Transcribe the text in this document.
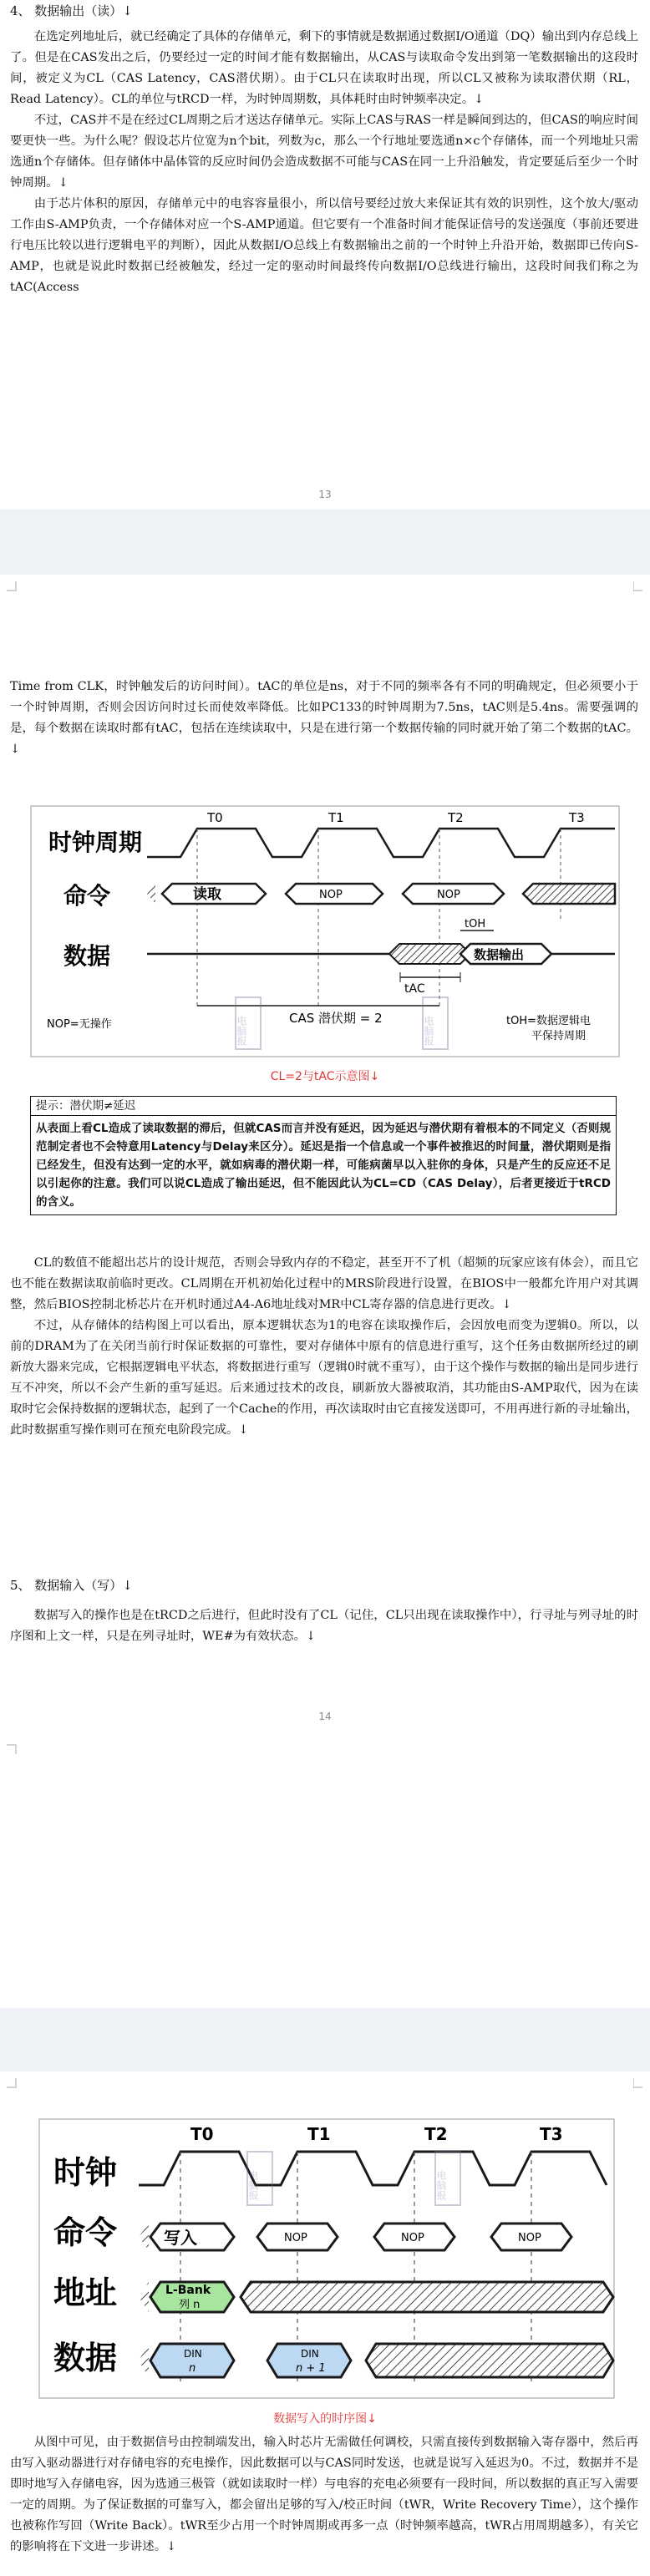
4、 数据输出（读）↓

在选定列地址后，就已经确定了具体的存储单元，剩下的事情就是数据通过数据I/O通道（DQ）输出到内存总线上了。但是在CAS发出之后，仍要经过一定的时间才能有数据输出，从CAS与读取命令发出到第一笔数据输出的这段时间，被定义为CL（CAS Latency，CAS潜伏期）。由于CL只在读取时出现，所以CL又被称为读取潜伏期（RL，Read Latency）。CL的单位与tRCD一样，为时钟周期数，具体耗时由时钟频率决定。↓

不过，CAS并不是在经过CL周期之后才送达存储单元。实际上CAS与RAS一样是瞬间到达的，但CAS的响应时间要更快一些。为什么呢？假设芯片位宽为n个bit，列数为c，那么一个行地址要选通n×c个存储体，而一个列地址只需选通n个存储体。但存储体中晶体管的反应时间仍会造成数据不可能与CAS在同一上升沿触发，肯定要延后至少一个时钟周期。↓

由于芯片体积的原因，存储单元中的电容容量很小，所以信号要经过放大来保证其有效的识别性，这个放大/驱动工作由S-AMP负责，一个存储体对应一个S-AMP通道。但它要有一个准备时间才能保证信号的发送强度（事前还要进行电压比较以进行逻辑电平的判断），因此从数据I/O总线上有数据输出之前的一个时钟上升沿开始，数据即已传向S-AMP，也就是说此时数据已经被触发，经过一定的驱动时间最终传向数据I/O总线进行输出，这段时间我们称之为tAC(Access

13

Time from CLK，时钟触发后的访问时间）。tAC的单位是ns，对于不同的频率各有不同的明确规定，但必须要小于一个时钟周期，否则会因访问时过长而使效率降低。比如PC133的时钟周期为7.5ns，tAC则是5.4ns。需要强调的是，每个数据在读取时都有tAC，包括在连续读取中，只是在进行第一个数据传输的同时就开始了第二个数据的tAC。↓

时钟周期
命令
数据
T0	T1	T2	T3
读取	NOP	NOP
数据输出
tOH
tAC
CAS 潜伏期 = 2
NOP=无操作	tOH=数据逻辑电
平保持周期
电脑报	电脑报
CL=2与tAC示意图↓
提示：潜伏期≠延迟
从表面上看CL造成了读取数据的滞后，但就CAS而言并没有延迟，因为延迟与潜伏期有着根本的不同定义（否则规范制定者也不会特意用Latency与Delay来区分）。延迟是指一个信息或一个事件被推迟的时间量，潜伏期则是指已经发生，但没有达到一定的水平，就如病毒的潜伏期一样，可能病菌早以入驻你的身体，只是产生的反应还不足以引起你的注意。我们可以说CL造成了输出延迟，但不能因此认为CL=CD（CAS Delay），后者更接近于tRCD的含义。

CL的数值不能超出芯片的设计规范，否则会导致内存的不稳定，甚至开不了机（超频的玩家应该有体会），而且它也不能在数据读取前临时更改。CL周期在开机初始化过程中的MRS阶段进行设置，在BIOS中一般都允许用户对其调整，然后BIOS控制北桥芯片在开机时通过A4-A6地址线对MR中CL寄存器的信息进行更改。↓

不过，从存储体的结构图上可以看出，原本逻辑状态为1的电容在读取操作后，会因放电而变为逻辑0。所以，以前的DRAM为了在关闭当前行时保证数据的可靠性，要对存储体中原有的信息进行重写，这个任务由数据所经过的刷新放大器来完成，它根据逻辑电平状态，将数据进行重写（逻辑0时就不重写），由于这个操作与数据的输出是同步进行互不冲突，所以不会产生新的重写延迟。后来通过技术的改良，刷新放大器被取消，其功能由S-AMP取代，因为在读取时它会保持数据的逻辑状态，起到了一个Cache的作用，再次读取时由它直接发送即可，不用再进行新的寻址输出，此时数据重写操作则可在预充电阶段完成。↓

5、 数据输入（写）↓

数据写入的操作也是在tRCD之后进行，但此时没有了CL（记住，CL只出现在读取操作中），行寻址与列寻址的时序图和上文一样，只是在列寻址时，WE#为有效状态。↓

14
时钟
命令
地址
数据
T0	T1	T2	T3
写入	NOP	NOP	NOP
L-Bank
列 n
DIN
n
DIN
n + 1
电脑报	电脑报
数据写入的时序图↓

从图中可见，由于数据信号由控制端发出，输入时芯片无需做任何调校，只需直接传到数据输入寄存器中，然后再由写入驱动器进行对存储电容的充电操作，因此数据可以与CAS同时发送，也就是说写入延迟为0。不过，数据并不是即时地写入存储电容，因为选通三极管（就如读取时一样）与电容的充电必须要有一段时间，所以数据的真正写入需要一定的周期。为了保证数据的可靠写入，都会留出足够的写入/校正时间（tWR，Write Recovery Time），这个操作也被称作写回（Write Back）。tWR至少占用一个时钟周期或再多一点（时钟频率越高，tWR占用周期越多），有关它的影响将在下文进一步讲述。↓
